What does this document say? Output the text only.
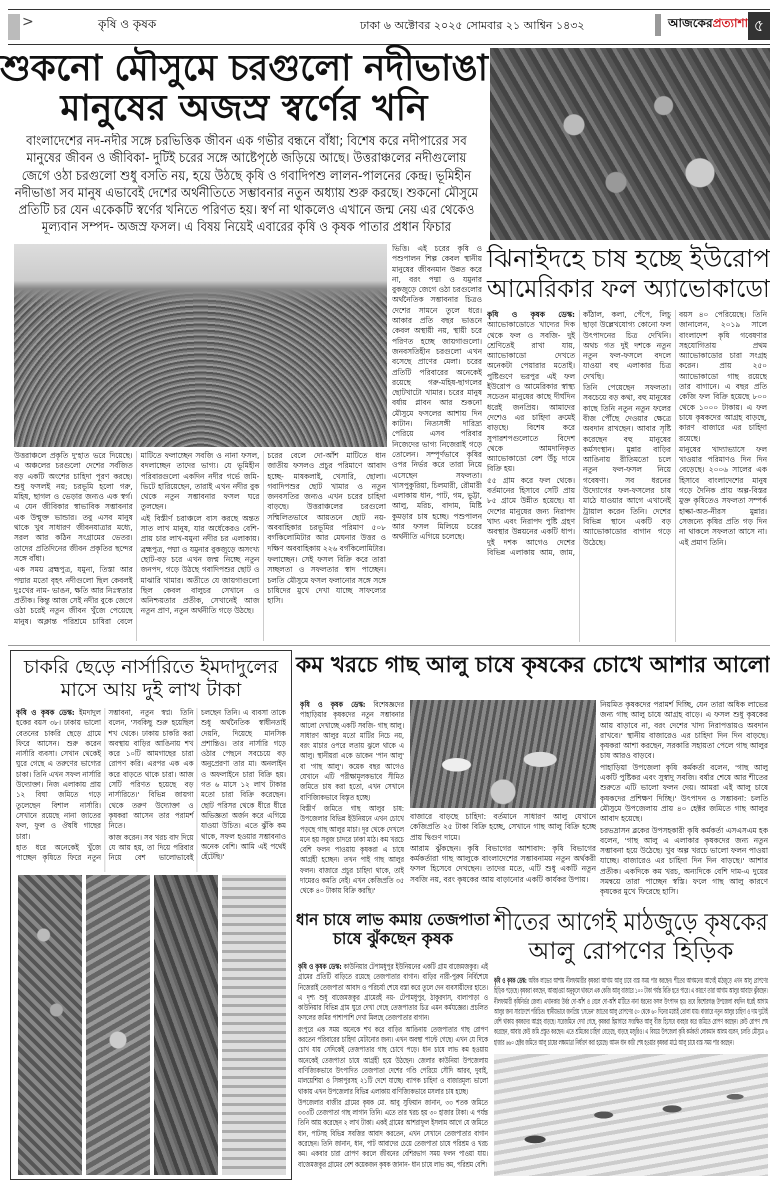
>	কৃষি ও কৃষক	ঢাকা ৬ অক্টোবর ২০২৫ সোমবার ২১ আশ্বিন ১৪৩২	আজকেরপ্রত্যাশা ৫
শুকনো মৌসুমে চরগুলো নদীভাঙা
মানুষের অজস্র স্বর্ণের খনি
বাংলাদেশের নদ-নদীর সঙ্গে চরভিত্তিক জীবন এক গভীর বন্ধনে বাঁধা; বিশেষ করে নদীপারের সব মানুষের জীবন ও জীবিকা- দুটিই চরের সঙ্গে আষ্টেপৃষ্ঠে জড়িয়ে আছে। উত্তরাঞ্চলের নদীগুলোয় জেগে ওঠা চরগুলো শুধু বসতি নয়, হয়ে উঠছে কৃষি ও গবাদিপশু লালন-পালনের কেন্দ্র। ভূমিহীন নদীভাঙা সব মানুষ এভাবেই দেশের অর্থনীতিতে সম্ভাবনার নতুন অধ্যায় শুরু করছে। শুকনো মৌসুমে প্রতিটি চর যেন একেকটি স্বর্ণের খনিতে পরিণত হয়। স্বর্ণ না থাকলেও এখানে জন্ম নেয় এর থেকেও মূল্যবান সম্পদ- অজস্র ফসল। এ বিষয় নিয়েই এবারের কৃষি ও কৃষক পাতার প্রধান ফিচার

ভিত্তি। এই চরের কৃষি ও পশুপালন শিল্প কেবল স্থানীয় মানুষের জীবনমান উন্নত করে না, বরং পদ্মা ও যমুনার বুকজুড়ে জেগে ওঠা চরগুলোর অর্থনৈতিক সম্ভাবনার চিত্রও দেশের সামনে তুলে ধরে। আকার প্রতি বছর ভাঙনে কেবল অস্থায়ী নয়, স্থায়ী চরে পরিণত হচ্ছে জায়গাগুলো। জনবসতিহীন চরগুলো এখন বসেছে প্রাণের মেলা। চরের প্রতিটি পরিবারের অনেকেই রয়েছে গরু-মহিষ-ছাগলের ছোটখাটো খামার। চরের মানুষ বর্ষায় প্লাবন আর শুকনো মৌসুমে ফসলের আশায় দিন কাটান। নিত্যসঙ্গী দারিদ্র্য পেরিয়ে এসব পরিবার নিজেদের ভাগ্য নিজেরাই গড়ে তোলেন। সম্পূর্ণভাবে কৃষির ওপর নির্ভর করে তারা নিয়ে এসেছেন সফলতা। খাসপুকুরিয়া, চিলমারী, রৌমারী এলাকায় ধান, পাট, গম, ভুট্টা, আলু, মরিচ, বাদাম, মিষ্টি কুমড়ার চাষ হচ্ছে। পশুপালন আর ফসল মিলিয়ে চরের অর্থনীতি এগিয়ে চলেছে।

উত্তরাঞ্চলে প্রকৃতি দু'হাত ভরে দিয়েছে। এ অঞ্চলের চরগুলো দেশের সর্বজিত বড় একটি অংশের চাহিদা পূরণ করছে। শুধু ফসলই নয়; চরভূমি হলো গরু, মহিষ, ছাগল ও ভেড়ার জন্যও এক স্বর্গ। এ যেন জীবিকার স্বাভাবিক সম্ভাবনার এক উন্মুক্ত ভান্ডার। তবু এসব মানুষ থাকে খুব সাধারণ জীবনযাত্রার মধ্যে, সরল আর কঠিন সংগ্রামের ভেতর। তাদের প্রতিদিনের জীবন প্রকৃতির ছন্দের সঙ্গে বাঁধা।

এক সময় ব্রহ্মপুত্র, যমুনা, তিস্তা আর পদ্মার মতো বৃহৎ নদীগুলো ছিল কেবলই দুঃখের নাম- ভাঙন, ক্ষতি আর নিঃস্বতার প্রতীক। কিন্তু আজ সেই নদীর বুকে জেগে ওঠা চরেই নতুন জীবন খুঁজে পেয়েছে মানুষ। অক্লান্ত পরিশ্রমে চাষিরা বেলে মাটিতে ফলাচ্ছেন সবজি ও নানা ফসল, বদলাচ্ছেন তাদের ভাগ্য। যে ভূমিহীন পরিবারগুলো একদিন নদীর গর্ভে জমি-ভিটে হারিয়েছেন, তারাই এখন নদীর বুক থেকে নতুন সম্ভাবনার ফসল ঘরে তুলছেন।

এই বিস্তীর্ণ চরাঞ্চলে বাস করছে অন্তত সাত লাখ মানুষ, যার অর্ধেকেরও বেশি-প্রায় চার লাখ-যমুনা নদীর চর এলাকায়। ব্রহ্মপুত্র, পদ্মা ও যমুনার বুকজুড়ে অসংখ্য ছোট-বড় চরে এখন জন্ম নিচ্ছে নতুন জনপদ, গড়ে উঠছে গবাদিপশুর ছোট ও মাঝারি খামার। অতীতে যে জায়গাগুলো ছিল কেবল বালুচর সেখানে ও অনিশ্চয়তার প্রতীক, সেখানেই আজ নতুন প্রাণ, নতুন অর্থনীতি গড়ে উঠছে।

চরের বেলে দো-আঁশ মাটিতে ধান জাতীয় ফসলও প্রচুর পরিমাণে আবাদ হচ্ছে- মাষকলাই, খেসারি, ছোলা। গবাদিপশুর ছোট খামার ও নতুন জনবসতির জন্যও এখন চরের চাহিদা বাড়ছে। উত্তরাঞ্চলের চরগুলো সম্মিলিতভাবে আয়তনে ছোট নয়- অববাহিকার চরভূমির পরিমাণ ৫০৮ বর্গকিলোমিটার আর মেঘনার উত্তর ও দক্ষিণ অববাহিকায় ২২৬ বর্গকিলোমিটার।

ফলাচ্ছেন। সেই ফসল বিক্রি করে তারা সচ্ছলতা ও সফলতার স্বাদ পাচ্ছেন। চলতি মৌসুমে ফসল ফলানোর সঙ্গে সঙ্গে চাষিদের মুখে দেখা যাচ্ছে সাফল্যের হাসি।

ঝিনাইদহে চাষ হচ্ছে ইউরোপ
আমেরিকার ফল অ্যাভোকাডো

কৃষি ও কৃষক ডেস্ক: অ্যাভোকাডোতে খাদ্যের দিক থেকে ফল ও সবজি- দুই শ্রেণিতেই রাখা যায়, অ্যাভোকাডো দেখতে অনেকটা পেয়ারার মতোই। পুষ্টিগুণে ভরপুর এই ফল ইউরোপ ও আমেরিকার স্বাস্থ্য সচেতন মানুষের কাছে দীর্ঘদিন ধরেই জনপ্রিয়। আমাদের দেশেও এর চাহিদা ক্রমেই বাড়ছে। বিশেষ করে সুপারশপগুলোতে বিদেশ থেকে আমদানিকৃত অ্যাভোকাডো বেশ উঁচু দামে বিক্রি হয়।

৫৫ গ্রাম করে ফল থেকে। বর্তমানের হিসাবে সেটি প্রায় ৮৫ গ্রামে উন্নীত হয়েছে। যা দেশের মানুষের জন্য নিরাপদ খাদ্য এবং নিরাপদ পুষ্টি গ্রহণ অবস্থার উন্নয়নের একটি ধাপ। দুই দশক আগেও দেশের বিভিন্ন এলাকায় আম, জাম, কাঁঠাল, কলা, পেঁপে, লিচু ছাড়া উল্লেখযোগ্য কোনো ফল উৎপাদনের চিত্র দেখিনি। অথচ গত দুই দশকে নতুন নতুন ফল-ফসলে বদলে যাওয়া বহু এলাকার চিত্র দেখছি।

তিনি পেয়েছেন সফলতা। সবচেয়ে বড় কথা, বহু মানুষের কাছে তিনি নতুন নতুন ফলের বীজ পৌঁছে দেওয়ার ক্ষেত্রে অবদান রাখছেন। আবার সৃষ্টি করেছেন বহু মানুষের কর্মসংস্থান। মুন্নার বাড়ির আঙিনায় রীতিমতো চলে নতুন ফল-ফসল নিয়ে গবেষণা। সব ধরনের উদ্যোগের ফল-ফসলের চাষ মাঠে যাওয়ার আগে এখানেই ট্রায়াল করেন তিনি। দেশের বিভিন্ন স্থানে একটি বড় অ্যাভোকাডোর বাগান গড়ে উঠেছে।

বয়স ৪০ পেরিয়েছে। তিনি জানালেন, ২০১৯ সালে বাংলাদেশ কৃষি গবেষণার সহযোগিতায় প্রথম অ্যাভোকাডোর চারা সংগ্রহ করেন। প্রায় ২৫০ অ্যাভোকাডো গাছ রয়েছে তার বাগানে। এ বছর প্রতি কেজি ফল বিক্রি হয়েছে ৮০০ থেকে ১০০০ টাকায়। এ ফল চাষে কৃষকদের আগ্রহ বাড়ছে, কারণ বাজারে এর চাহিদা রয়েছে।

মানুষের খাদ্যাভ্যাসে ফল খাওয়ার পরিমাণও দিন দিন বেড়েছে। ২০০৬ সালের এক হিসাবে বাংলাদেশের মানুষ গড়ে দৈনিক প্রায় অল্প-বিস্তর মুক্ত কৃষিতেও সফলতা সম্পর্ক হাল্কা-অত-নীরস মুন্নার। সেজন্যে কৃষির প্রতি গড় দিন না থাকলে সফলতা আসে না। এই প্রমাণ তিনি।

চাকরি ছেড়ে নার্সারিতে ইমদাদুলের
মাসে আয় দুই লাখ টাকা

কৃষি ও কৃষক ডেস্ক: ইমদাদুল হকের বয়স ৩৮। ঢাকায় ভালো বেতনের চাকরি ছেড়ে গ্রামে ফিরে আসেন। শুরু করেন নার্সারি ব্যবসা। সেখান থেকেই ঘুরে গেছে এ তরুণের ভাগ্যের চাকা। তিনি এখন সফল নার্সারি উদ্যোক্তা। নিজ এলাকায় প্রায় ১২ বিঘা জমিতে গড়ে তুলেছেন বিশাল নার্সারি। সেখানে রয়েছে নানা জাতের ফল, ফুল ও ঔষধি গাছের চারা।

হাত ধরে অনেকেই খুঁজে পাচ্ছেন কৃষিতে ফিরে নতুন সম্ভাবনা, নতুন স্বপ্ন। তিনি বলেন, 'সবকিছু শুরু হয়েছিল শখ থেকে। ঢাকায় চাকরি করা অবস্থায় বাড়ির আঙিনায় শখ করে ১০টি আমগাছের চারা রোপণ করি। এরপর এক এক করে বাড়তে থাকে চারা। আজ সেটি পরিণত হয়েছে বড় নার্সারিতে।' বিভিন্ন জায়গা থেকে তরুণ উদ্যোক্তা ও কৃষকরা আসেন তার পরামর্শ নিতে।

কাজ করেন। সব খরচ বাদ দিয়ে যে আয় হয়, তা দিয়ে পরিবার নিয়ে বেশ ভালোভাবেই চলছেন তিনি। এ ব্যবসা তাকে শুধু অর্থনৈতিক স্বাধীনতাই দেয়নি, দিয়েছে মানসিক প্রশান্তিও। তার নার্সারি গড়ে ওঠার পেছনে সবচেয়ে বড় অনুপ্রেরণা তার মা। অনলাইন ও অফলাইনে চারা বিক্রি হয়। গত ৬ মাসে ১২ লাখ টাকার মতো চারা বিক্রি করেছেন। ছোট পরিসর থেকে ধীরে ধীরে অভিজ্ঞতা অর্জন করে এগিয়ে যাওয়া উচিত। এতে ঝুঁকি কম থাকে, সফল হওয়ার সম্ভাবনাও অনেক বেশি। আমি এই পথেই হেঁটেছি।'

কম খরচে গাছ আলু চাষে কৃষকের চোখে আশার আলো

কৃষি ও কৃষক ডেস্ক: বিশেষজ্ঞদের পাহাড়িয়ার কৃষকদের নতুন সম্ভাবনার আলো দেখাচ্ছে একটি সবজি- গাছ আলু। সাধারণ আলুর মতো মাটির নিচে নয়, বরং মাচার ওপরে লতায় ঝুলে থাকে এ আলু। স্থানীয়রা একে ডাকেন 'পান আলু' বা 'গাছ আলু'। কয়েক বছর আগেও যেখানে এটি পরীক্ষামূলকভাবে সীমিত জমিতে চাষ করা হতো, এখন সেখানে বাণিজ্যিকভাবে বিস্তৃত হচ্ছে।

বিস্তীর্ণ জমিতে গাছ আলুর চাষ: উপজেলার বিভিন্ন ইউনিয়নে এখন চোখে পড়ছে গাছ আলুর মাচা। দূর থেকে দেখলে মনে হয় সবুজ চাদরে ঢাকা মাঠ। কম খরচে বেশি ফলন পাওয়ায় কৃষকরা এ চাষে আগ্রহী হচ্ছেন। তখন পাই গাছ আলুর ফলন। বাজারে প্রচুর চাহিদা থাকে, তাই দামেরও কমতি নেই। এখন কেজিপ্রতি ৩৫ থেকে ৪০ টাকায় বিক্রি করছি।'

বাজারে বাড়ছে চাহিদা: বর্তমানে সাধারণ আলু যেখানে কেজিপ্রতি ২৫ টাকা বিক্রি হচ্ছে, সেখানে গাছ আলু বিক্রি হচ্ছে প্রায় দ্বিগুণ দামে।

আরাম ঝুঁকছেন। কৃষি বিভাগের আশাবাদ: কৃষি বিভাগের কর্মকর্তারা গাছ আলুকে বাংলাদেশের সম্ভাবনাময় নতুন অর্থকরী ফসল হিসেবে দেখছেন। তাদের মতে, এটি শুধু একটি নতুন সবজি নয়, বরং কৃষকের আয় বাড়ানোর একটি কার্যকর উপায়।

নিয়মিত কৃষকদের পরামর্শ দিচ্ছি, যেন তারা অধিক লাভের জন্য গাছ আলু চাষে আগ্রহ বাড়ে। এ ফসল শুধু কৃষকের আয় বাড়াবে না, বরং দেশের খাদ্য নিরাপত্তায়ও অবদান রাখবে।' স্থানীয় বাজারেও এর চাহিদা দিন দিন বাড়ছে। কৃষকরা আশা করছেন, সরকারি সহায়তা পেলে গাছ আলুর চাষ আরও বাড়বে।

পাহাড়িয়া উপজেলা কৃষি কর্মকর্তা বলেন, 'গাছ আলু একটি পুষ্টিকর এবং সুস্বাদু সবজি। বর্ষার শেষে আর শীতের শুরুতে এটি ভালো ফলন দেয়। আমরা এই আলু চাষে কৃষকদের প্রশিক্ষণ দিচ্ছি।' উৎপাদন ও সম্ভাবনা: চলতি মৌসুমে উপজেলায় প্রায় ৪০ হেক্টর জমিতে গাছ আলুর আবাদ হয়েছে।

চরভদ্রাসন ব্লকের উপসহকারী কৃষি কর্মকর্তা এসএসএম হক বলেন, 'গাছ আলু এ এলাকার কৃষকদের জন্য নতুন সম্ভাবনা হয়ে উঠেছে। খুব অল্প খরচে ভালো ফলন পাওয়া যাচ্ছে। বাজারেও এর চাহিদা দিন দিন বাড়ছে।' আশার প্রতীক। একদিকে কম খরচ, অন্যদিকে বেশি দাম-এ দুয়ের সমন্বয়ে তারা পাচ্ছেন স্বস্তি। ফলে গাছ আলু কারণে কৃষকের মুখে ফিরেছে হাসি।

ধান চাষে লাভ কমায় তেজপাতা
চাষে ঝুঁকছেন কৃষক

কৃষি ও কৃষক ডেস্ক: কাউনিয়ার টেপামধুপুর ইউনিয়নের একটি গ্রাম বাজেমজকুর। এই গ্রামের প্রতিটি বাড়িতে রয়েছে তেজপাতার বাগান। বাড়ির নারী-পুরুষ নির্বিশেষে নিজেরাই তেজপাতা আবাদ ও পরিচর্যা শেষে বস্তা করে তুলে দেন ব্যবসায়ীদের হাতে। এ দৃশ্য শুধু বাজেমজকুর গ্রামেরই নয়- টেপামধুপুর, ঠাকুরদাস, বালাপাড়া ও কাউনিয়ার বিভিন্ন গ্রাম ঘুরে দেখা গেছে তেজপাতার চিত্র এমন কর্মযজ্ঞের। প্রচলিত ফসলের জমির পাশাপাশি দেখা মিলছে তেজপাতার বাগান।

রংপুরে এক সময় অনেকে শখ করে বাড়ির আঙিনায় তেজপাতার গাছ রোপণ করতেন পরিবারের চাহিদা মেটানোর জন্য। এখন অবস্থা পাল্টে গেছে। এখন যে দিকে চোখ যায় সেদিকেই তেজপাতার গাছ চোখে পড়ে। ধান চাষে লাভ কম হওয়ায় অনেকেই তেজপাতা চাষে আগ্রহী হয়ে উঠছেন। জেলার কাউনিয়া উপজেলায় বাণিজ্যিকভাবে উৎপাদিত তেজপাতা দেশের গণ্ডি পেরিয়ে সৌদি আরব, দুবাই, মালয়েশিয়া ও সিঙ্গাপুরসহ ২১টি দেশে যাচ্ছে। ব্যাপক চাহিদা ও বাজারমূল্য ভালো থাকায় এখন উপজেলার বিভিন্ন এলাকায় বাণিজ্যিকভাবে মসলার চাষ হচ্ছে।

উপজেলার বাজীর গ্রামের কৃষক মো. আবু সুফিয়ান জানান, ৩৩ শতক জমিতে ৩৩৩টি তেজপাতা গাছ লাগান তিনি। এতে তার খরচ হয় ৩০ হাজার টাকা। এ পর্যন্ত তিনি আয় করেছেন ২ লাখ টাকা। একই গ্রামের আশরাফুল ইসলাম আগে যে জমিতে ধান, পাটসহ বিভিন্ন সবজির আবাদ করতেন, এখন সেখানে তেজপাতার বাগান করেছেন। তিনি জানান, ধান, পাট আবাদের চেয়ে তেজপাতা চাষে পরিশ্রম ও খরচ কম। একবার চারা রোপণ করলে জীবনের বেশিরভাগ সময় ফলন পাওয়া যায়। বাজেমজকুর গ্রামের বেশ কয়েকজন কৃষক জানান- ধান চাষে লাভ কম, পরিশ্রম বেশি।

শীতের আগেই মাঠজুড়ে কৃষকের
আলু রোপণের হিড়িক

কৃষি ও কৃষক ডেস্ক: অধিক লাভের আশায় নীলফামারীর কৃষকরা আগাম আলু চাষে ব্যস্ত সময় পার করছেন। শীতের আগমনের আগেই মাঠজুড়ে এখন আলু রোপণের হিড়িক পড়েছে। কৃষকরা বলছেন, আবহাওয়া অনুকূলে থাকলে এক কেজি আলু বাজারে ১০০ টাকা পর্যন্ত বিক্রি হতে পারে। এ কারণে তারা আগাম আলুর আবাদে ঝুঁকছেন। নীলফামারী কৃষিনির্ভর জেলা। এখানকার উর্বর দো-আঁশ ও বেলে দো-আঁশ মাটিতে নানা ধরনের ফসল উৎপাদন হয়। তবে কিশোরগঞ্জ উপজেলা বহুদিন ধরেই আগাম আলুর জন্য সারাদেশে পরিচিত। স্থানীয়ভাবে জনপ্রিয় 'সেভেন' জাতের আলু রোপণের ৫০ থেকে ৬০ দিনের মধ্যেই তোলা যায়। বাজারে নতুন আলুর চাহিদা ও দাম দুটোই বেশি থাকায় কৃষকদের আগ্রহ বাড়ছে। সরেজমিনে দেখা গেছে, কৃষকরা হিমাগারে সংরক্ষিত আলু বীজ হিসেবে ব্যবহার করে জমিতে রোপণ করছেন। কেউ রোপণ শেষ করেছেন, আবার কেউ জমি প্রস্তুত করছেন। এতে শ্রমিকের চাহিদা বেড়েছে, বাড়ছে মজুরিও। এ বিষয়ে উপজেলা কৃষি কর্মকর্তা লোকমান আলম বলেন, চলতি মৌসুমে ৬ হাজার ৬৬০ হেক্টর জমিতে আলু চাষের লক্ষ্যমাত্রা নির্ধারণ করা হয়েছে। আমন ধান কাটা শেষ হওয়ার কৃষকরা মাঠে আলু চাষে ব্যস্ত সময় পার করছেন।
